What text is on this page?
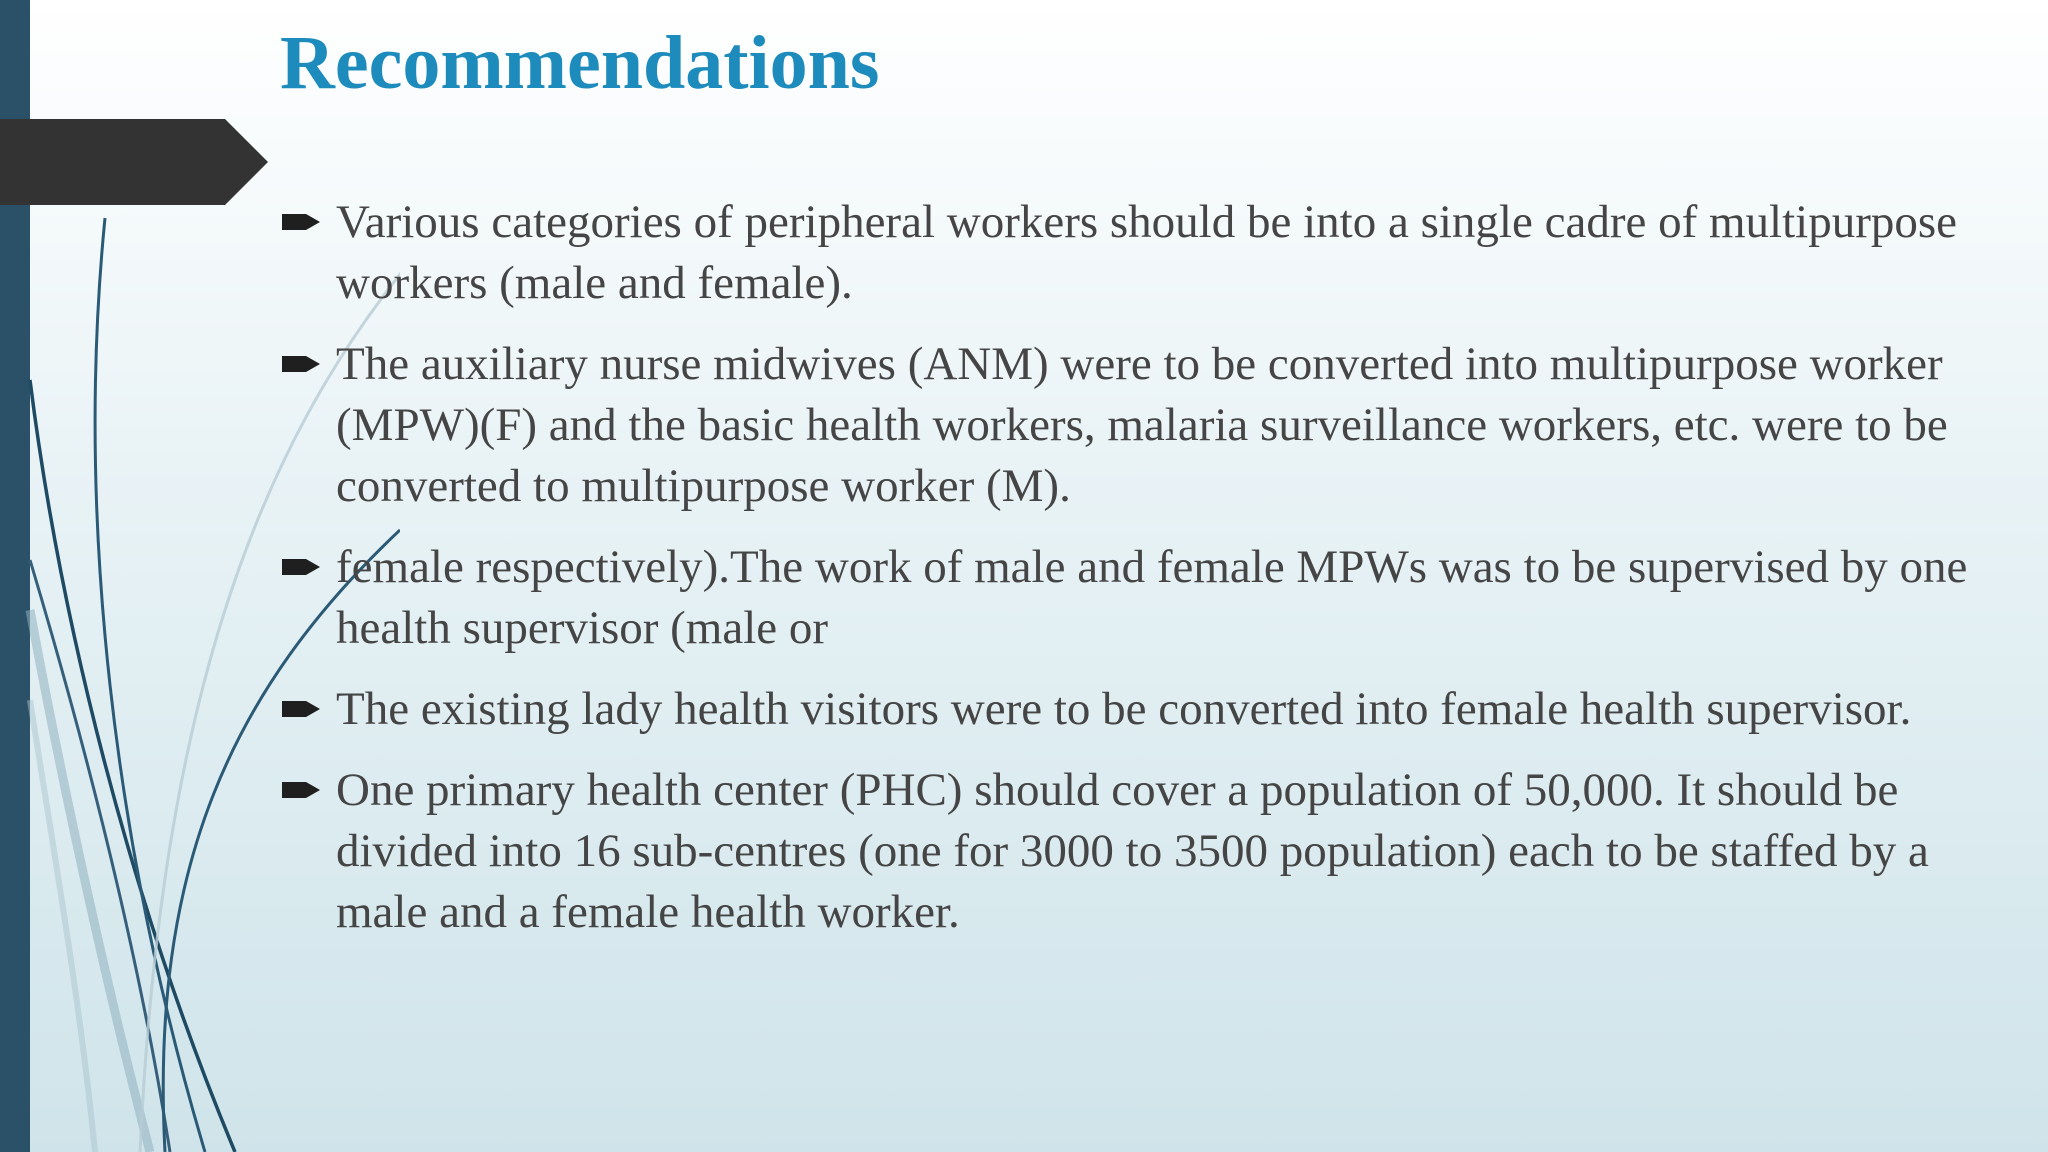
Recommendations
Various categories of peripheral workers should be into a single cadre of multipurpose workers (male and female).
The auxiliary nurse midwives (ANM) were to be converted into multipurpose worker (MPW)(F) and the basic health workers, malaria surveillance workers, etc. were to be converted to multipurpose worker (M).
female respectively).The work of male and female MPWs was to be supervised by one health supervisor (male or
The existing lady health visitors were to be converted into female health supervisor.
One primary health center (PHC) should cover a population of 50,000. It should be divided into 16 sub-centres (one for 3000 to 3500 population) each to be staffed by a male and a female health worker.
